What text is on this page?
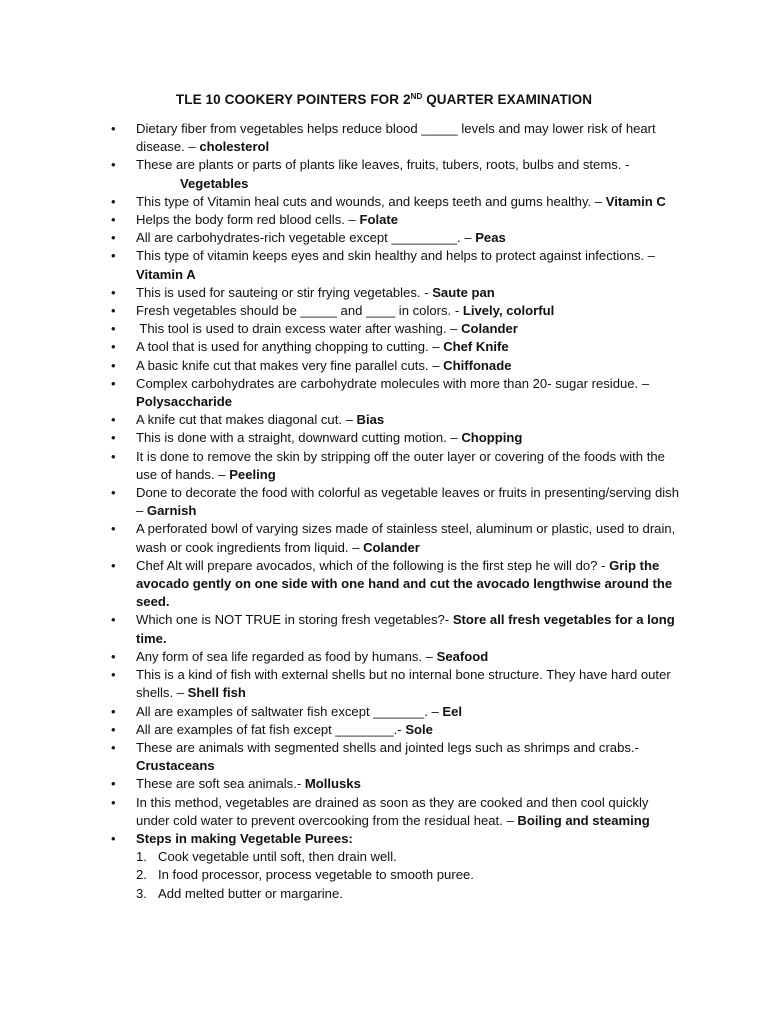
TLE 10 COOKERY POINTERS FOR 2ND QUARTER EXAMINATION
• Dietary fiber from vegetables helps reduce blood _____ levels and may lower risk of heart disease. – cholesterol
• These are plants or parts of plants like leaves, fruits, tubers, roots, bulbs and stems. -
Vegetables
• This type of Vitamin heal cuts and wounds, and keeps teeth and gums healthy. – Vitamin C
• Helps the body form red blood cells. – Folate
• All are carbohydrates-rich vegetable except _________. – Peas
• This type of vitamin keeps eyes and skin healthy and helps to protect against infections. – Vitamin A
• This is used for sauteing or stir frying vegetables. - Saute pan
• Fresh vegetables should be _____ and ____ in colors. - Lively, colorful
• This tool is used to drain excess water after washing. – Colander
• A tool that is used for anything chopping to cutting. – Chef Knife
• A basic knife cut that makes very fine parallel cuts. – Chiffonade
• Complex carbohydrates are carbohydrate molecules with more than 20- sugar residue. – Polysaccharide
• A knife cut that makes diagonal cut. – Bias
• This is done with a straight, downward cutting motion. – Chopping
• It is done to remove the skin by stripping off the outer layer or covering of the foods with the use of hands. – Peeling
• Done to decorate the food with colorful as vegetable leaves or fruits in presenting/serving dish – Garnish
• A perforated bowl of varying sizes made of stainless steel, aluminum or plastic, used to drain, wash or cook ingredients from liquid. – Colander
• Chef Alt will prepare avocados, which of the following is the first step he will do? - Grip the avocado gently on one side with one hand and cut the avocado lengthwise around the seed.
• Which one is NOT TRUE in storing fresh vegetables?- Store all fresh vegetables for a long time.
• Any form of sea life regarded as food by humans. – Seafood
• This is a kind of fish with external shells but no internal bone structure. They have hard outer shells. – Shell fish
• All are examples of saltwater fish except _______. – Eel
• All are examples of fat fish except ________.- Sole
• These are animals with segmented shells and jointed legs such as shrimps and crabs.- Crustaceans
• These are soft sea animals.- Mollusks
• In this method, vegetables are drained as soon as they are cooked and then cool quickly under cold water to prevent overcooking from the residual heat. – Boiling and steaming
• Steps in making Vegetable Purees:
1. Cook vegetable until soft, then drain well.
2. In food processor, process vegetable to smooth puree.
3. Add melted butter or margarine.
